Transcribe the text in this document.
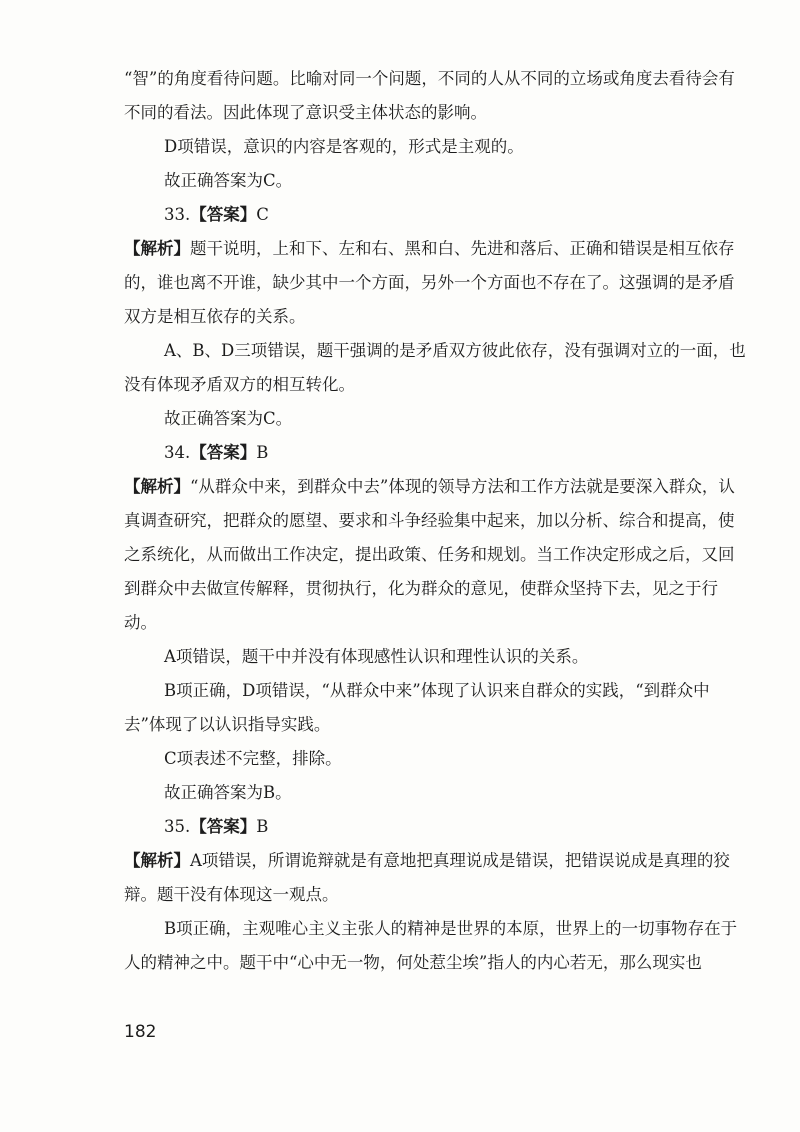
“智”的角度看待问题。比喻对同一个问题，不同的人从不同的立场或角度去看待会有不同的看法。因此体现了意识受主体状态的影响。

D项错误，意识的内容是客观的，形式是主观的。

故正确答案为C。

33.【答案】C

【解析】题干说明，上和下、左和右、黑和白、先进和落后、正确和错误是相互依存的，谁也离不开谁，缺少其中一个方面，另外一个方面也不存在了。这强调的是矛盾双方是相互依存的关系。

A、B、D三项错误，题干强调的是矛盾双方彼此依存，没有强调对立的一面，也没有体现矛盾双方的相互转化。

故正确答案为C。

34.【答案】B

【解析】“从群众中来，到群众中去”体现的领导方法和工作方法就是要深入群众，认真调查研究，把群众的愿望、要求和斗争经验集中起来，加以分析、综合和提高，使之系统化，从而做出工作决定，提出政策、任务和规划。当工作决定形成之后，又回到群众中去做宣传解释，贯彻执行，化为群众的意见，使群众坚持下去，见之于行动。

A项错误，题干中并没有体现感性认识和理性认识的关系。

B项正确，D项错误，“从群众中来”体现了认识来自群众的实践，“到群众中去”体现了以认识指导实践。

C项表述不完整，排除。

故正确答案为B。

35.【答案】B

【解析】A项错误，所谓诡辩就是有意地把真理说成是错误，把错误说成是真理的狡辩。题干没有体现这一观点。

B项正确，主观唯心主义主张人的精神是世界的本原，世界上的一切事物存在于人的精神之中。题干中“心中无一物，何处惹尘埃”指人的内心若无，那么现实也

182
